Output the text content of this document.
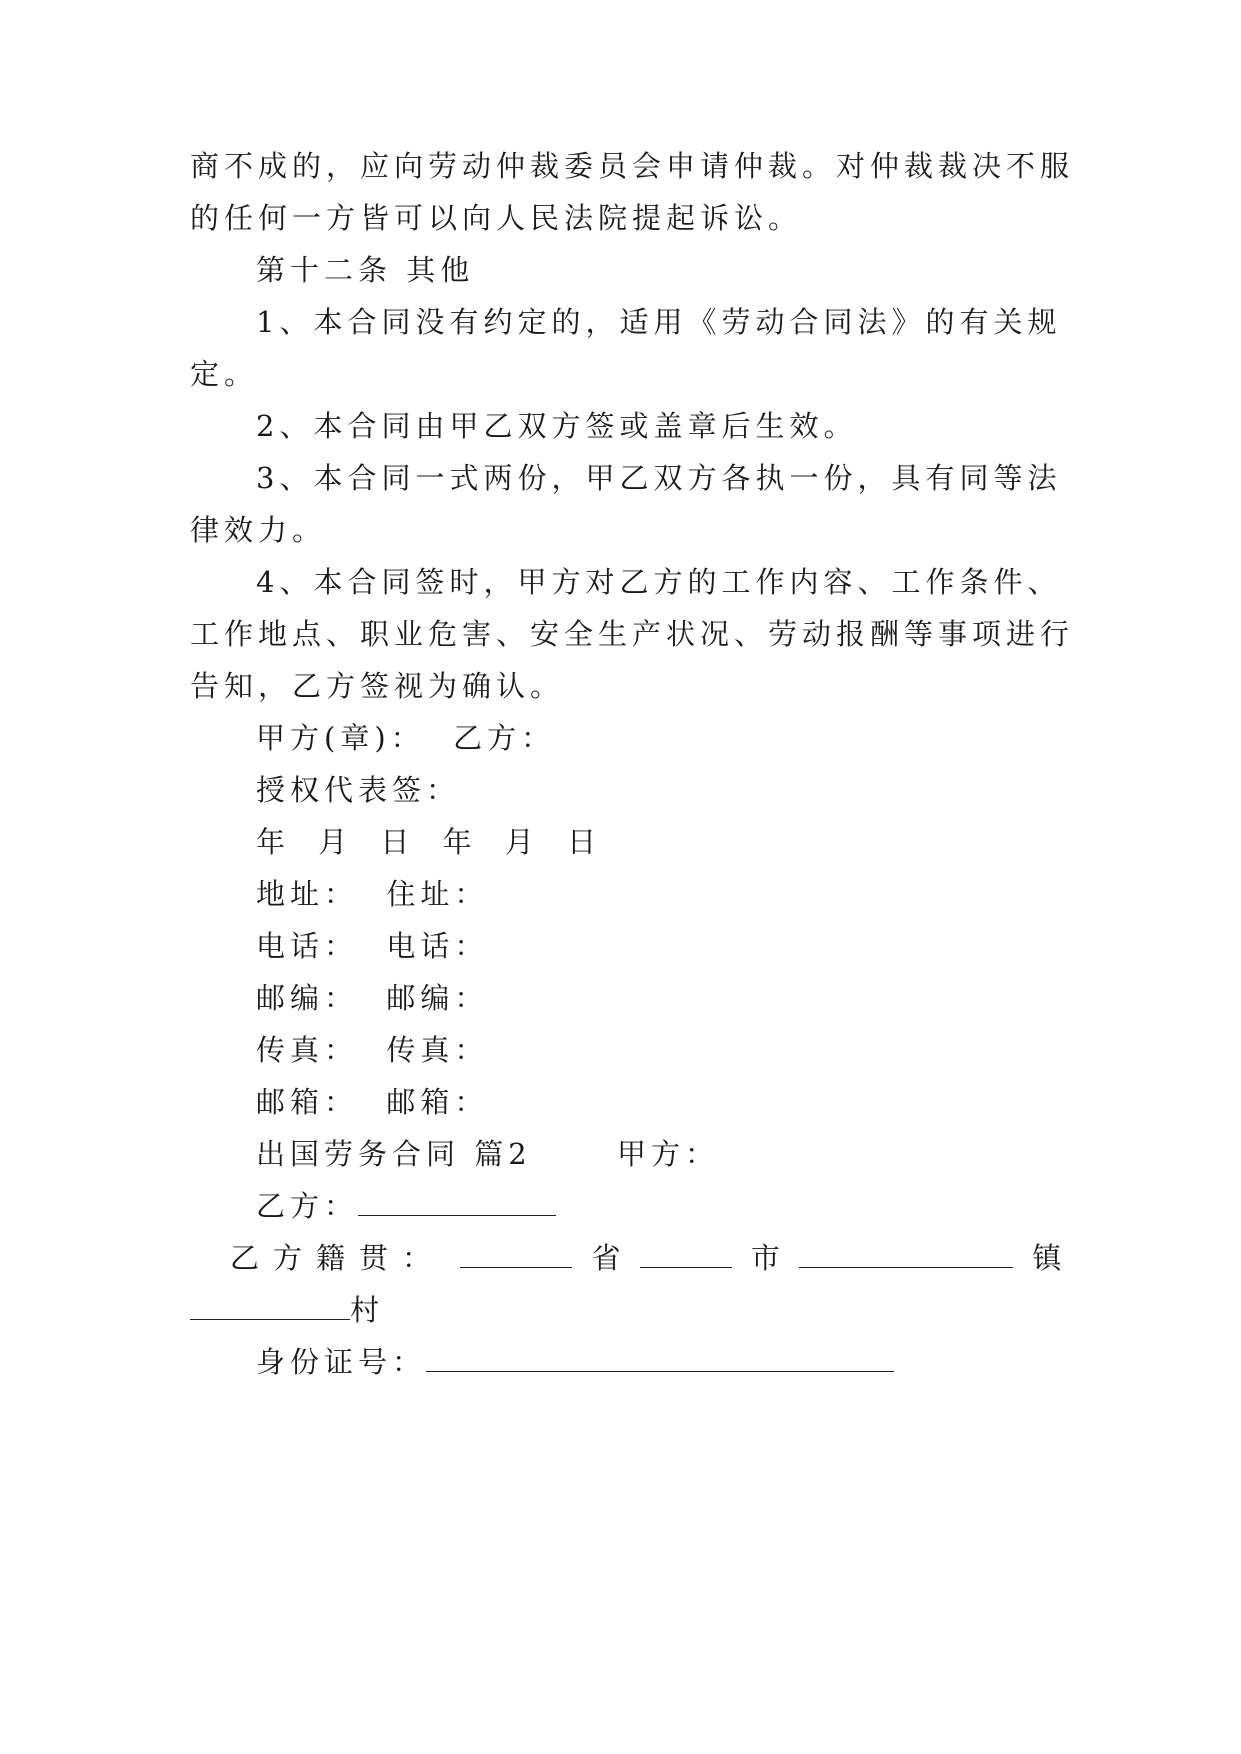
商不成的，应向劳动仲裁委员会申请仲裁。对仲裁裁决不服
的任何一方皆可以向人民法院提起诉讼。
第十二条 其他
1、本合同没有约定的，适用《劳动合同法》的有关规
定。
2、本合同由甲乙双方签或盖章后生效。
3、本合同一式两份，甲乙双方各执一份，具有同等法
律效力。
4、本合同签时，甲方对乙方的工作内容、工作条件、
工作地点、职业危害、安全生产状况、劳动报酬等事项进行
告知，乙方签视为确认。
甲方(章)：  乙方：
授权代表签：
年 月 日 年 月 日
地址：  住址：
电话：  电话：
邮编：  邮编：
传真：  传真：
邮箱：  邮箱：
出国劳务合同 篇2      甲方：
乙方：
乙方籍贯：	省	市	镇
村
身份证号：
